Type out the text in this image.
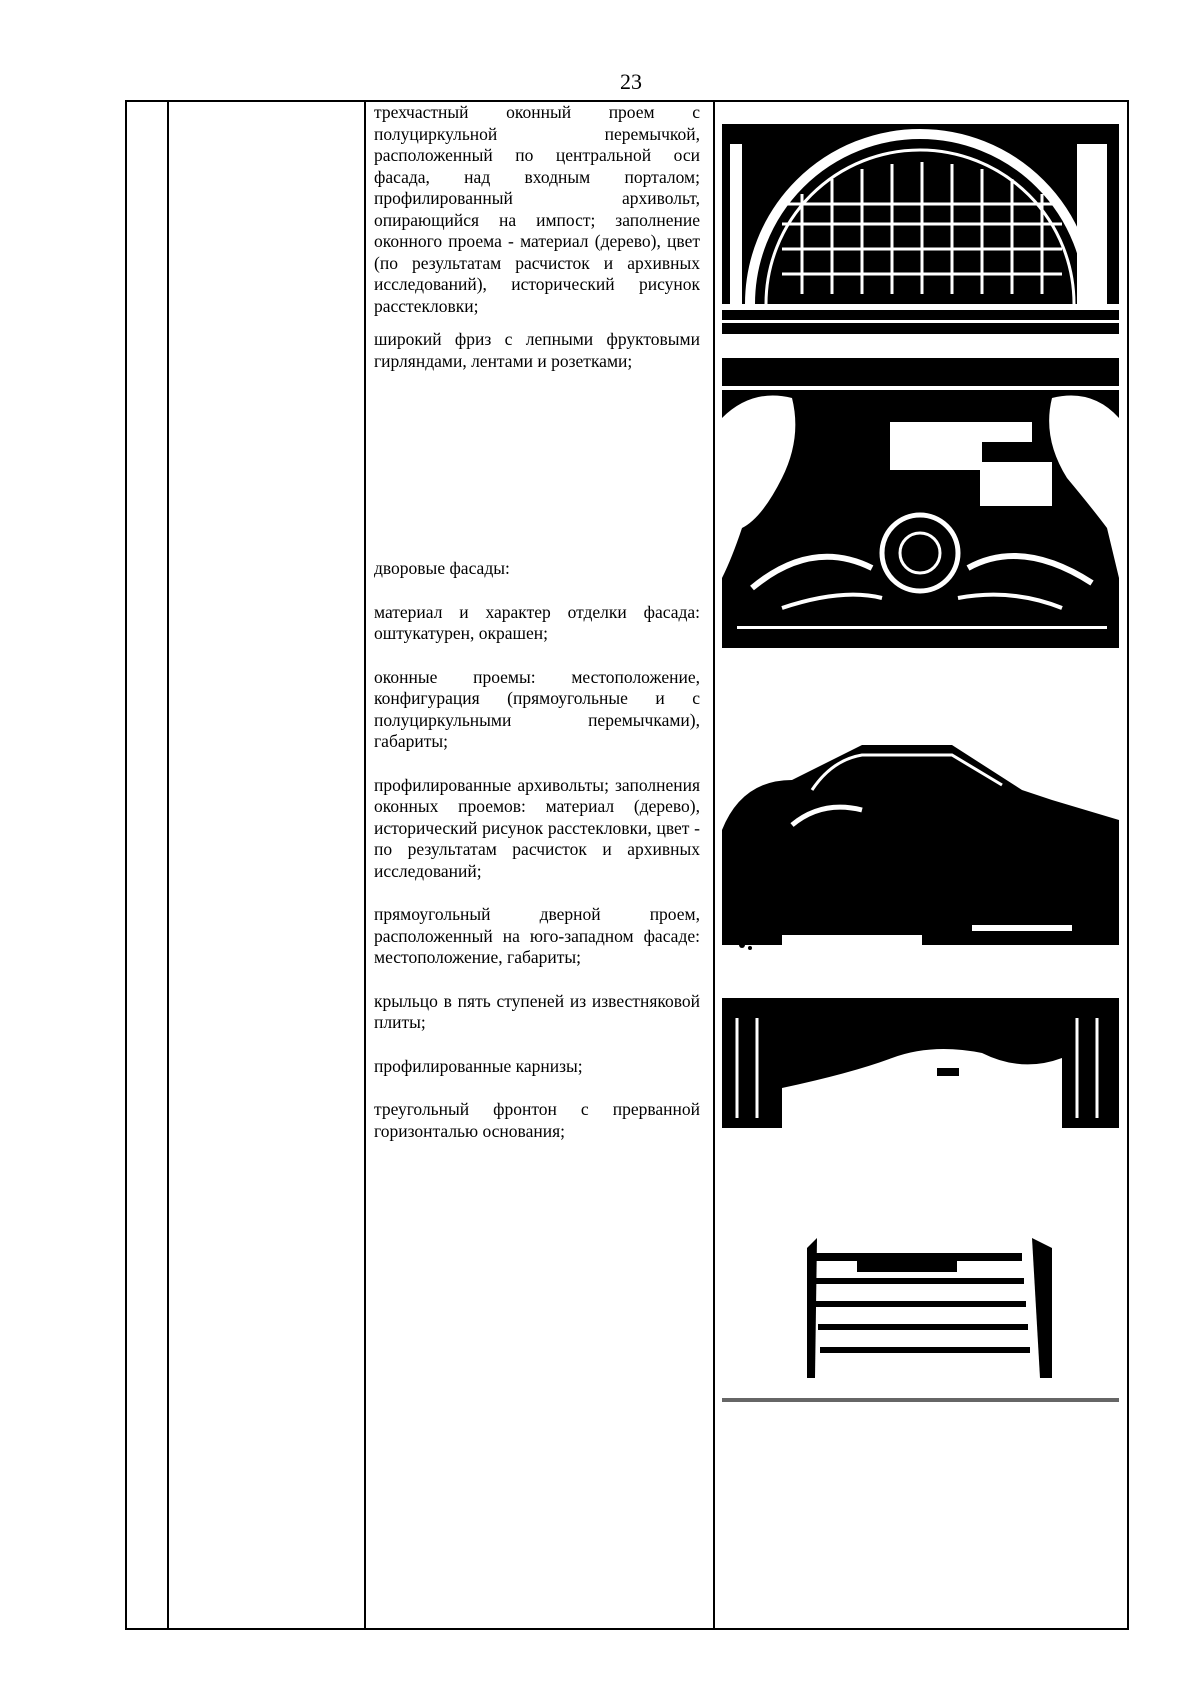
23

трехчастный оконный проем с полуциркульной перемычкой, расположенный по центральной оси фасада, над входным порталом; профилированный архивольт, опирающийся на импост; заполнение оконного проема - материал (дерево), цвет (по результатам расчисток и архивных исследований), исторический рисунок расстекловки;

широкий фриз с лепными фруктовыми гирляндами, лентами и розетками;

дворовые фасады:

материал и характер отделки фасада: оштукатурен, окрашен;

оконные проемы: местоположение, конфигурация (прямоугольные и с полуциркульными перемычками), габариты;

профилированные архивольты; заполнения оконных проемов: материал (дерево), исторический рисунок расстекловки, цвет - по результатам расчисток и архивных исследований;

прямоугольный дверной проем, расположенный на юго-западном фасаде: местоположение, габариты;

крыльцо в пять ступеней из известняковой плиты;

профилированные карнизы;

треугольный фронтон с прерванной горизонталью основания;
